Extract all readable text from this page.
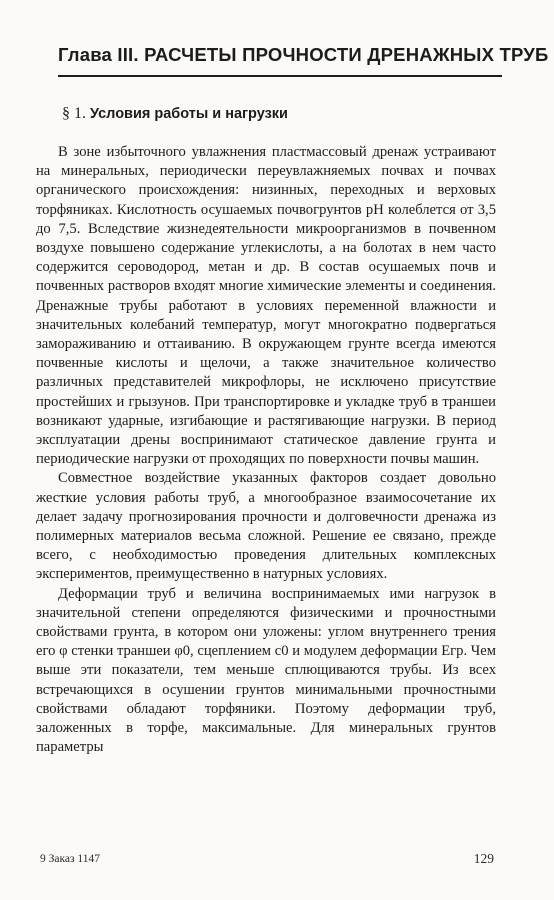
Глава III. РАСЧЕТЫ ПРОЧНОСТИ ДРЕНАЖНЫХ ТРУБ
§ 1. Условия работы и нагрузки

В зоне избыточного увлажнения пластмассовый дренаж устраивают на минеральных, периодически переувлажняемых почвах и почвах органического происхождения: низинных, переходных и верховых торфяниках. Кислотность осушаемых почвогрунтов pH колеблется от 3,5 до 7,5. Вследствие жизнедеятельности микроорганизмов в почвенном воздухе повышено содержание углекислоты, а на болотах в нем часто содержится сероводород, метан и др. В состав осушаемых почв и почвенных растворов входят многие химические элементы и соединения. Дренажные трубы работают в условиях переменной влажности и значительных колебаний температур, могут многократно подвергаться замораживанию и оттаиванию. В окружающем грунте всегда имеются почвенные кислоты и щелочи, а также значительное количество различных представителей микрофлоры, не исключено присутствие простейших и грызунов. При транспортировке и укладке труб в траншеи возникают ударные, изгибающие и растягивающие нагрузки. В период эксплуатации дрены воспринимают статическое давление грунта и периодические нагрузки от проходящих по поверхности почвы машин.

Совместное воздействие указанных факторов создает довольно жесткие условия работы труб, а многообразное взаимосочетание их делает задачу прогнозирования прочности и долговечности дренажа из полимерных материалов весьма сложной. Решение ее связано, прежде всего, с необходимостью проведения длительных комплексных экспериментов, преимущественно в натурных условиях.

Деформации труб и величина воспринимаемых ими нагрузок в значительной степени определяются физическими и прочностными свойствами грунта, в котором они уложены: углом внутреннего трения его φ стенки траншеи φ0, сцеплением c0 и модулем деформации Eгр. Чем выше эти показатели, тем меньше сплющиваются трубы. Из всех встречающихся в осушении грунтов минимальными прочностными свойствами обладают торфяники. Поэтому деформации труб, заложенных в торфе, максимальные. Для минеральных грунтов параметры

9 Заказ 1147	129
